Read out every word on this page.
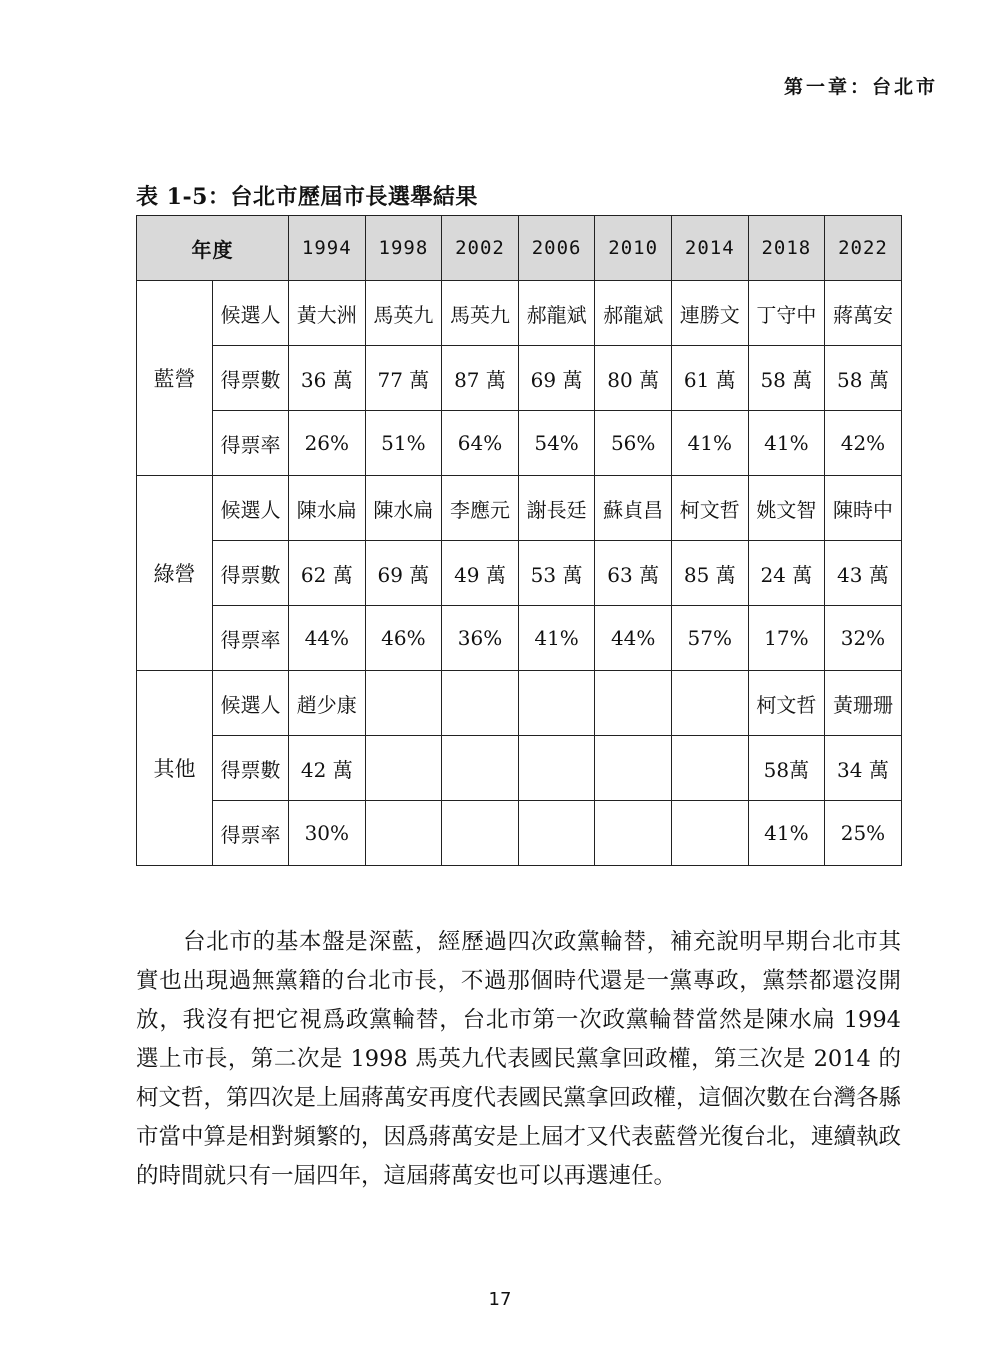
第一章：台北市
表 1-5：台北市歷屆市長選舉結果
年度		1994	1998	2002	2006	2010	2014	2018	2022
藍營	候選人	黃大洲	馬英九	馬英九	郝龍斌	郝龍斌	連勝文	丁守中	蔣萬安
	得票數	36 萬	77 萬	87 萬	69 萬	80 萬	61 萬	58 萬	58 萬
	得票率	26%	51%	64%	54%	56%	41%	41%	42%
綠營	候選人	陳水扁	陳水扁	李應元	謝長廷	蘇貞昌	柯文哲	姚文智	陳時中
	得票數	62 萬	69 萬	49 萬	53 萬	63 萬	85 萬	24 萬	43 萬
	得票率	44%	46%	36%	41%	44%	57%	17%	32%
其他	候選人	趙少康						柯文哲	黃珊珊
	得票數	42 萬						58萬	34 萬
	得票率	30%						41%	25%

台北市的基本盤是深藍，經歷過四次政黨輪替，補充說明早期台北市其實也出現過無黨籍的台北市長，不過那個時代還是一黨專政，黨禁都還沒開放，我沒有把它視爲政黨輪替，台北市第一次政黨輪替當然是陳水扁 1994 選上市長，第二次是 1998 馬英九代表國民黨拿回政權，第三次是 2014 的柯文哲，第四次是上屆蔣萬安再度代表國民黨拿回政權，這個次數在台灣各縣市當中算是相對頻繁的，因爲蔣萬安是上屆才又代表藍營光復台北，連續執政的時間就只有一屆四年，這屆蔣萬安也可以再選連任。

17
